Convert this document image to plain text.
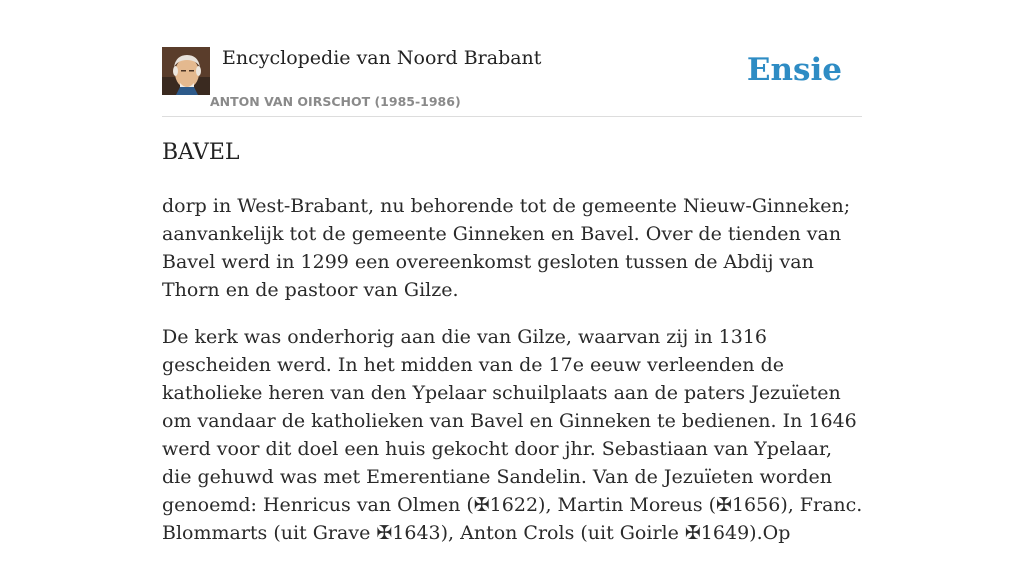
Encyclopedie van Noord Brabant
ANTON VAN OIRSCHOT (1985-1986)
Ensie
BAVEL

dorp in West-Brabant, nu behorende tot de gemeente Nieuw-Ginneken; aanvankelijk tot de gemeente Ginneken en Bavel. Over de tienden van Bavel werd in 1299 een overeenkomst gesloten tussen de Abdij van Thorn en de pastoor van Gilze.

De kerk was onderhorig aan die van Gilze, waarvan zij in 1316 gescheiden werd. In het midden van de 17e eeuw verleenden de katholieke heren van den Ypelaar schuilplaats aan de paters Jezuïeten om vandaar de katholieken van Bavel en Ginneken te bedienen. In 1646 werd voor dit doel een huis gekocht door jhr. Sebastiaan van Ypelaar, die gehuwd was met Emerentiane Sandelin. Van de Jezuïeten worden genoemd: Henricus van Olmen (✠1622), Martin Moreus (✠1656), Franc. Blommarts (uit Grave ✠1643), Anton Crols (uit Goirle ✠1649).Op
